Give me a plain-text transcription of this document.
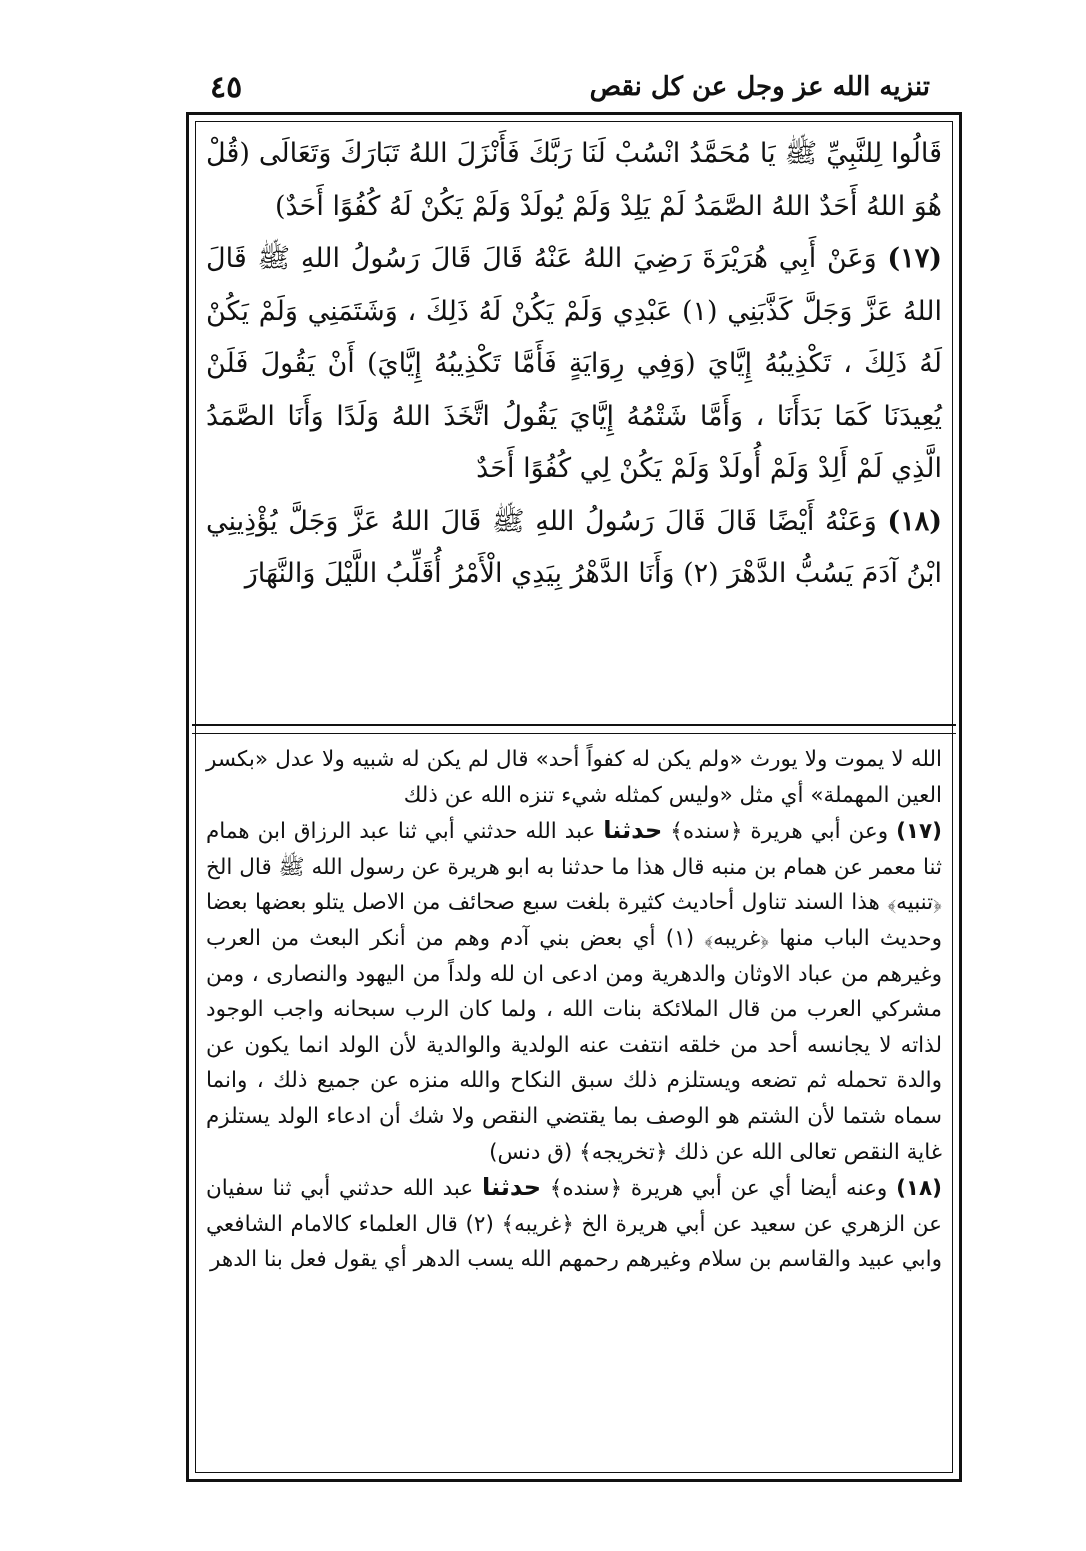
تنزيه الله عز وجل عن كل نقص
٤٥

قَالُوا لِلنَّبِيِّ ﷺ يَا مُحَمَّدُ انْسُبْ لَنَا رَبَّكَ فَأَنْزَلَ اللهُ تَبَارَكَ وَتَعَالَى (قُلْ هُوَ اللهُ أَحَدٌ اللهُ الصَّمَدُ لَمْ يَلِدْ وَلَمْ يُولَدْ وَلَمْ يَكُنْ لَهُ كُفُوًا أَحَدٌ)

(١٧) وَعَنْ أَبِي هُرَيْرَةَ رَضِيَ اللهُ عَنْهُ قَالَ قَالَ رَسُولُ اللهِ ﷺ قَالَ اللهُ عَزَّ وَجَلَّ كَذَّبَنِي (١) عَبْدِي وَلَمْ يَكُنْ لَهُ ذَلِكَ ، وَشَتَمَنِي وَلَمْ يَكُنْ لَهُ ذَلِكَ ، تَكْذِيبُهُ إِيَّايَ (وَفِي رِوَايَةٍ فَأَمَّا تَكْذِيبُهُ إِيَّايَ) أَنْ يَقُولَ فَلَنْ يُعِيدَنَا كَمَا بَدَأَنَا ، وَأَمَّا شَتْمُهُ إِيَّايَ يَقُولُ اتَّخَذَ اللهُ وَلَدًا وَأَنَا الصَّمَدُ الَّذِي لَمْ أَلِدْ وَلَمْ أُولَدْ وَلَمْ يَكُنْ لِي كُفُوًا أَحَدٌ

(١٨) وَعَنْهُ أَيْضًا قَالَ قَالَ رَسُولُ اللهِ ﷺ قَالَ اللهُ عَزَّ وَجَلَّ يُؤْذِينِي ابْنُ آدَمَ يَسُبُّ الدَّهْرَ (٢) وَأَنَا الدَّهْرُ بِيَدِي الْأَمْرُ أُقَلِّبُ اللَّيْلَ وَالنَّهَارَ

الله لا يموت ولا يورث «ولم يكن له كفواً أحد» قال لم يكن له شبيه ولا عدل «بكسر العين المهملة» أي مثل «وليس كمثله شيء تنزه الله عن ذلك

(١٧) وعن أبي هريرة ﴿سنده﴾ حدثنا عبد الله حدثني أبي ثنا عبد الرزاق ابن همام ثنا معمر عن همام بن منبه قال هذا ما حدثنا به ابو هريرة عن رسول الله ﷺ قال الخ ﴿تنبيه﴾ هذا السند تناول أحاديث كثيرة بلغت سبع صحائف من الاصل يتلو بعضها بعضا وحديث الباب منها ﴿غريبه﴾ (١) أي بعض بني آدم وهم من أنكر البعث من العرب وغيرهم من عباد الاوثان والدهرية ومن ادعى ان لله ولداً من اليهود والنصارى ، ومن مشركي العرب من قال الملائكة بنات الله ، ولما كان الرب سبحانه واجب الوجود لذاته لا يجانسه أحد من خلقه انتفت عنه الولدية والوالدية لأن الولد انما يكون عن والدة تحمله ثم تضعه ويستلزم ذلك سبق النكاح والله منزه عن جميع ذلك ، وانما سماه شتما لأن الشتم هو الوصف بما يقتضي النقص ولا شك أن ادعاء الولد يستلزم غاية النقص تعالى الله عن ذلك ﴿تخريجه﴾ (ق دنس)

(١٨) وعنه أيضا أي عن أبي هريرة ﴿سنده﴾ حدثنا عبد الله حدثني أبي ثنا سفيان عن الزهري عن سعيد عن أبي هريرة الخ ﴿غريبه﴾ (٢) قال العلماء كالامام الشافعي وابي عبيد والقاسم بن سلام وغيرهم رحمهم الله يسب الدهر أي يقول فعل بنا الدهر
